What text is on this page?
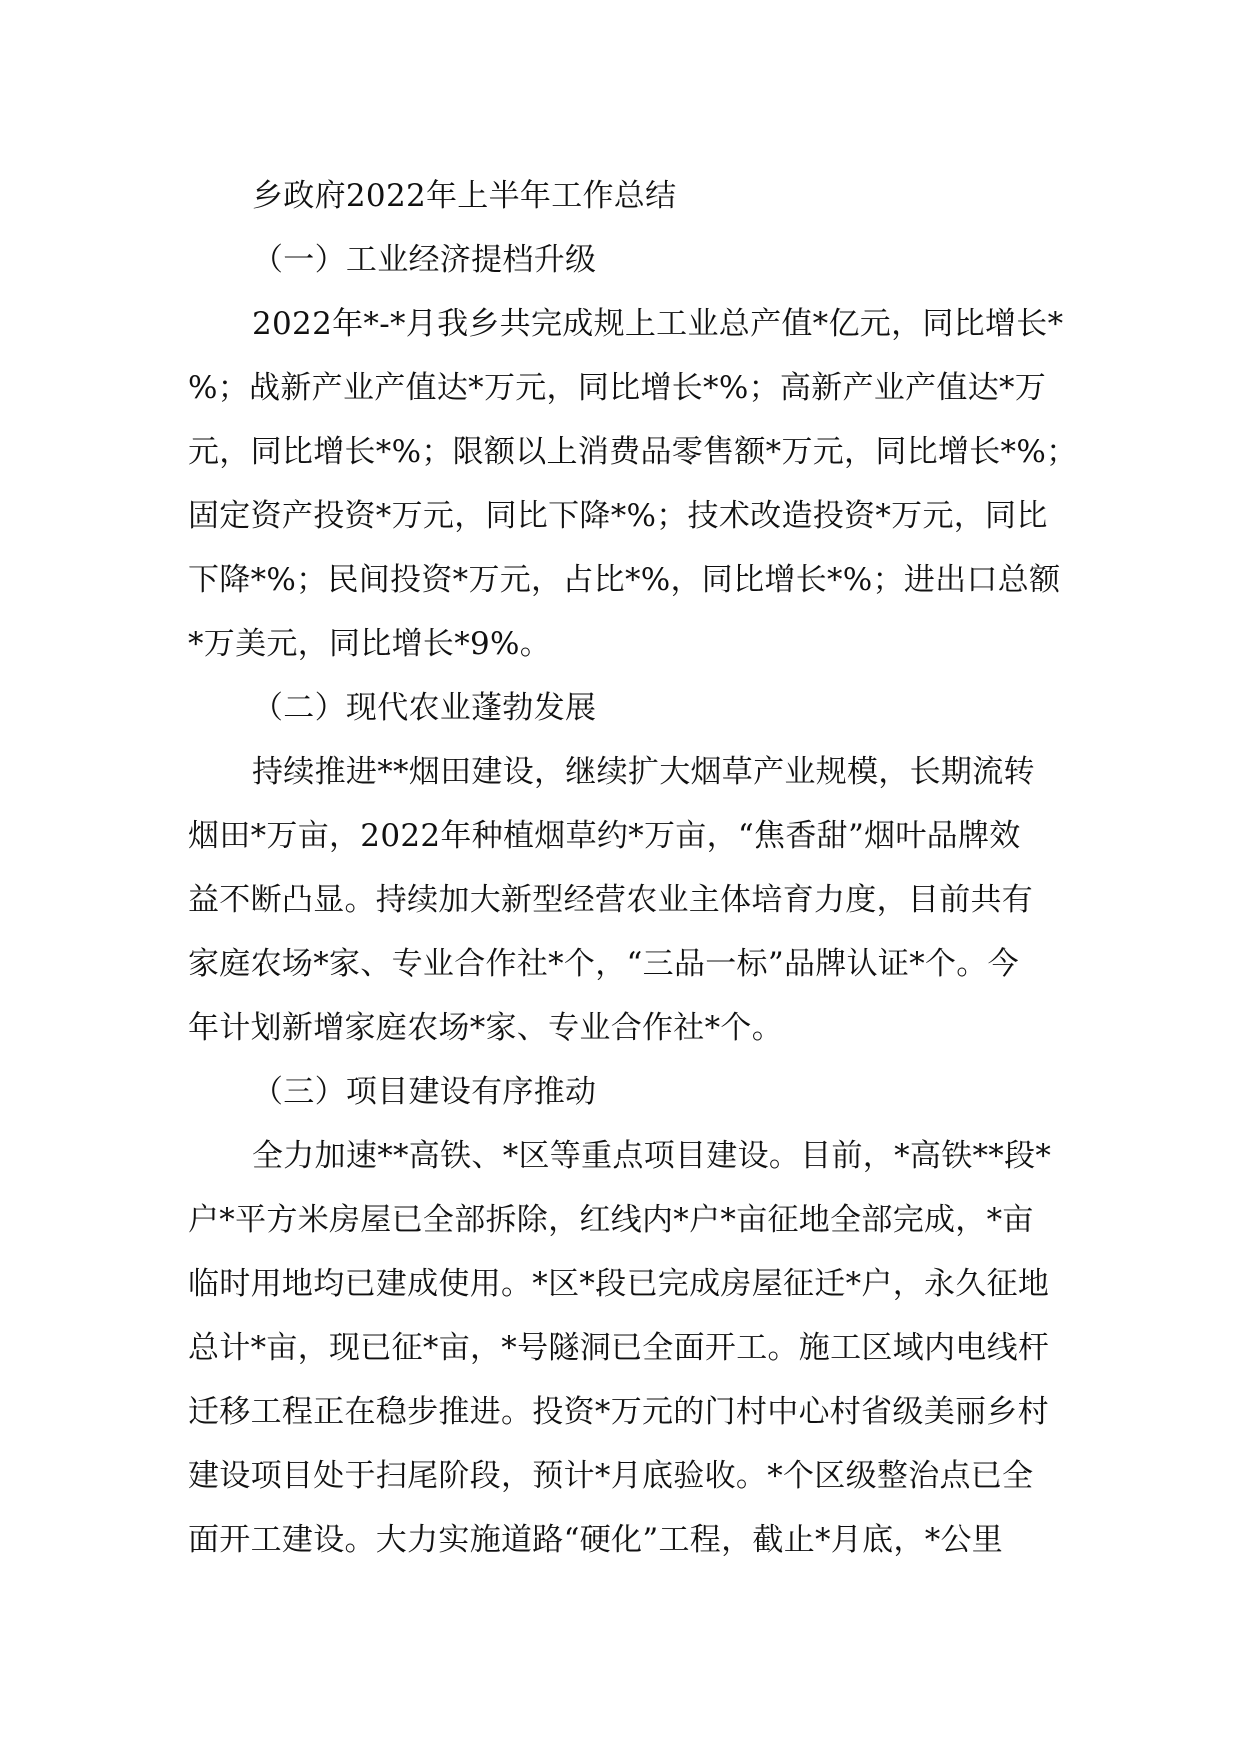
乡政府2022年上半年工作总结
（一）工业经济提档升级
2022年*-*月我乡共完成规上工业总产值*亿元，同比增长*
%；战新产业产值达*万元，同比增长*%；高新产业产值达*万
元，同比增长*%；限额以上消费品零售额*万元，同比增长*%；
固定资产投资*万元，同比下降*%；技术改造投资*万元，同比
下降*%；民间投资*万元，占比*%，同比增长*%；进出口总额
*万美元，同比增长*9%。
（二）现代农业蓬勃发展
持续推进**烟田建设，继续扩大烟草产业规模，长期流转
烟田*万亩，2022年种植烟草约*万亩，“焦香甜”烟叶品牌效
益不断凸显。持续加大新型经营农业主体培育力度，目前共有
家庭农场*家、专业合作社*个，“三品一标”品牌认证*个。今
年计划新增家庭农场*家、专业合作社*个。
（三）项目建设有序推动
全力加速**高铁、*区等重点项目建设。目前，*高铁**段*
户*平方米房屋已全部拆除，红线内*户*亩征地全部完成，*亩
临时用地均已建成使用。*区*段已完成房屋征迁*户，永久征地
总计*亩，现已征*亩，*号隧洞已全面开工。施工区域内电线杆
迁移工程正在稳步推进。投资*万元的门村中心村省级美丽乡村
建设项目处于扫尾阶段，预计*月底验收。*个区级整治点已全
面开工建设。大力实施道路“硬化”工程，截止*月底，*公里
